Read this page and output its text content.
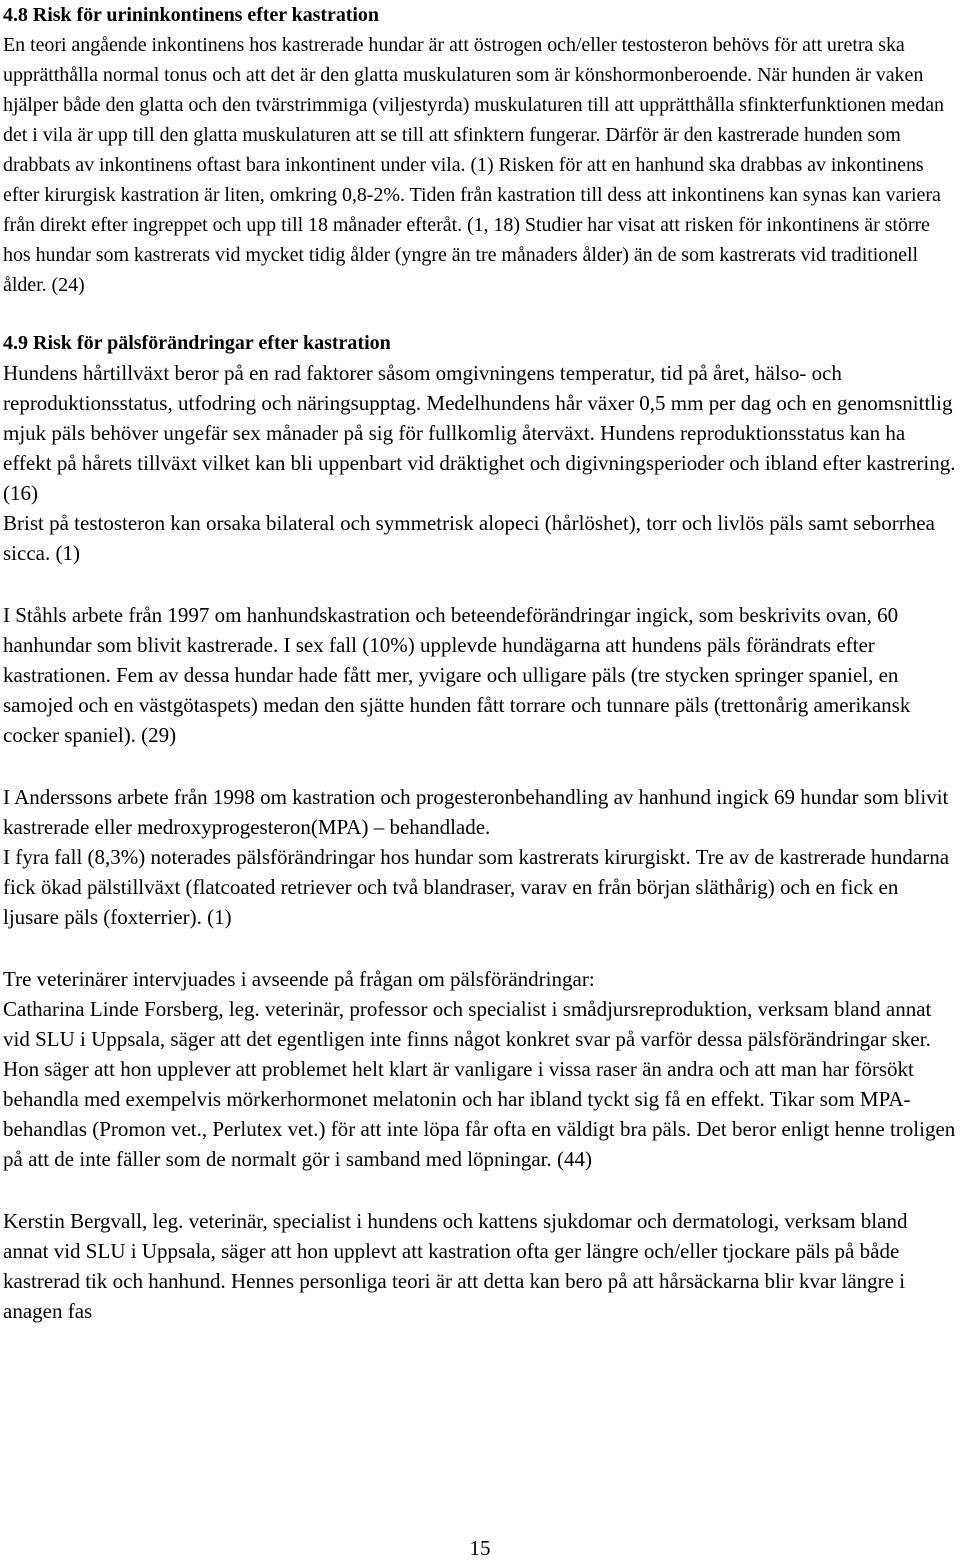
4.8 Risk för urininkontinens efter kastration

En teori angående inkontinens hos kastrerade hundar är att östrogen och/eller testosteron behövs för att uretra ska upprätthålla normal tonus och att det är den glatta muskulaturen som är könshormonberoende. När hunden är vaken hjälper både den glatta och den tvärstrimmiga (viljestyrda) muskulaturen till att upprätthålla sfinkterfunktionen medan det i vila är upp till den glatta muskulaturen att se till att sfinktern fungerar. Därför är den kastrerade hunden som drabbats av inkontinens oftast bara inkontinent under vila. (1) Risken för att en hanhund ska drabbas av inkontinens efter kirurgisk kastration är liten, omkring 0,8-2%. Tiden från kastration till dess att inkontinens kan synas kan variera från direkt efter ingreppet och upp till 18 månader efteråt. (1, 18) Studier har visat att risken för inkontinens är större hos hundar som kastrerats vid mycket tidig ålder (yngre än tre månaders ålder) än de som kastrerats vid traditionell ålder. (24)

4.9 Risk för pälsförändringar efter kastration

Hundens hårtillväxt beror på en rad faktorer såsom omgivningens temperatur, tid på året, hälso- och reproduktionsstatus, utfodring och näringsupptag. Medelhundens hår växer 0,5 mm per dag och en genomsnittlig mjuk päls behöver ungefär sex månader på sig för fullkomlig återväxt. Hundens reproduktionsstatus kan ha effekt på hårets tillväxt vilket kan bli uppenbart vid dräktighet och digivningsperioder och ibland efter kastrering. (16)

Brist på testosteron kan orsaka bilateral och symmetrisk alopeci (hårlöshet), torr och livlös päls samt seborrhea sicca. (1)

I Ståhls arbete från 1997 om hanhundskastration och beteendeförändringar ingick, som beskrivits ovan, 60 hanhundar som blivit kastrerade. I sex fall (10%) upplevde hundägarna att hundens päls förändrats efter kastrationen. Fem av dessa hundar hade fått mer, yvigare och ulligare päls (tre stycken springer spaniel, en samojed och en västgötaspets) medan den sjätte hunden fått torrare och tunnare päls (trettonårig amerikansk cocker spaniel). (29)

I Anderssons arbete från 1998 om kastration och progesteronbehandling av hanhund ingick 69 hundar som blivit kastrerade eller medroxyprogesteron(MPA) – behandlade.

I fyra fall (8,3%) noterades pälsförändringar hos hundar som kastrerats kirurgiskt. Tre av de kastrerade hundarna fick ökad pälstillväxt (flatcoated retriever och två blandraser, varav en från början släthårig) och en fick en ljusare päls (foxterrier). (1)

Tre veterinärer intervjuades i avseende på frågan om pälsförändringar:

Catharina Linde Forsberg, leg. veterinär, professor och specialist i smådjursreproduktion, verksam bland annat vid SLU i Uppsala, säger att det egentligen inte finns något konkret svar på varför dessa pälsförändringar sker. Hon säger att hon upplever att problemet helt klart är vanligare i vissa raser än andra och att man har försökt behandla med exempelvis mörkerhormonet melatonin och har ibland tyckt sig få en effekt. Tikar som MPA-behandlas (Promon vet., Perlutex vet.) för att inte löpa får ofta en väldigt bra päls. Det beror enligt henne troligen på att de inte fäller som de normalt gör i samband med löpningar. (44)

Kerstin Bergvall, leg. veterinär, specialist i hundens och kattens sjukdomar och dermatologi, verksam bland annat vid SLU i Uppsala, säger att hon upplevt att kastration ofta ger längre och/eller tjockare päls på både kastrerad tik och hanhund. Hennes personliga teori är att detta kan bero på att hårsäckarna blir kvar längre i anagen fas

15
